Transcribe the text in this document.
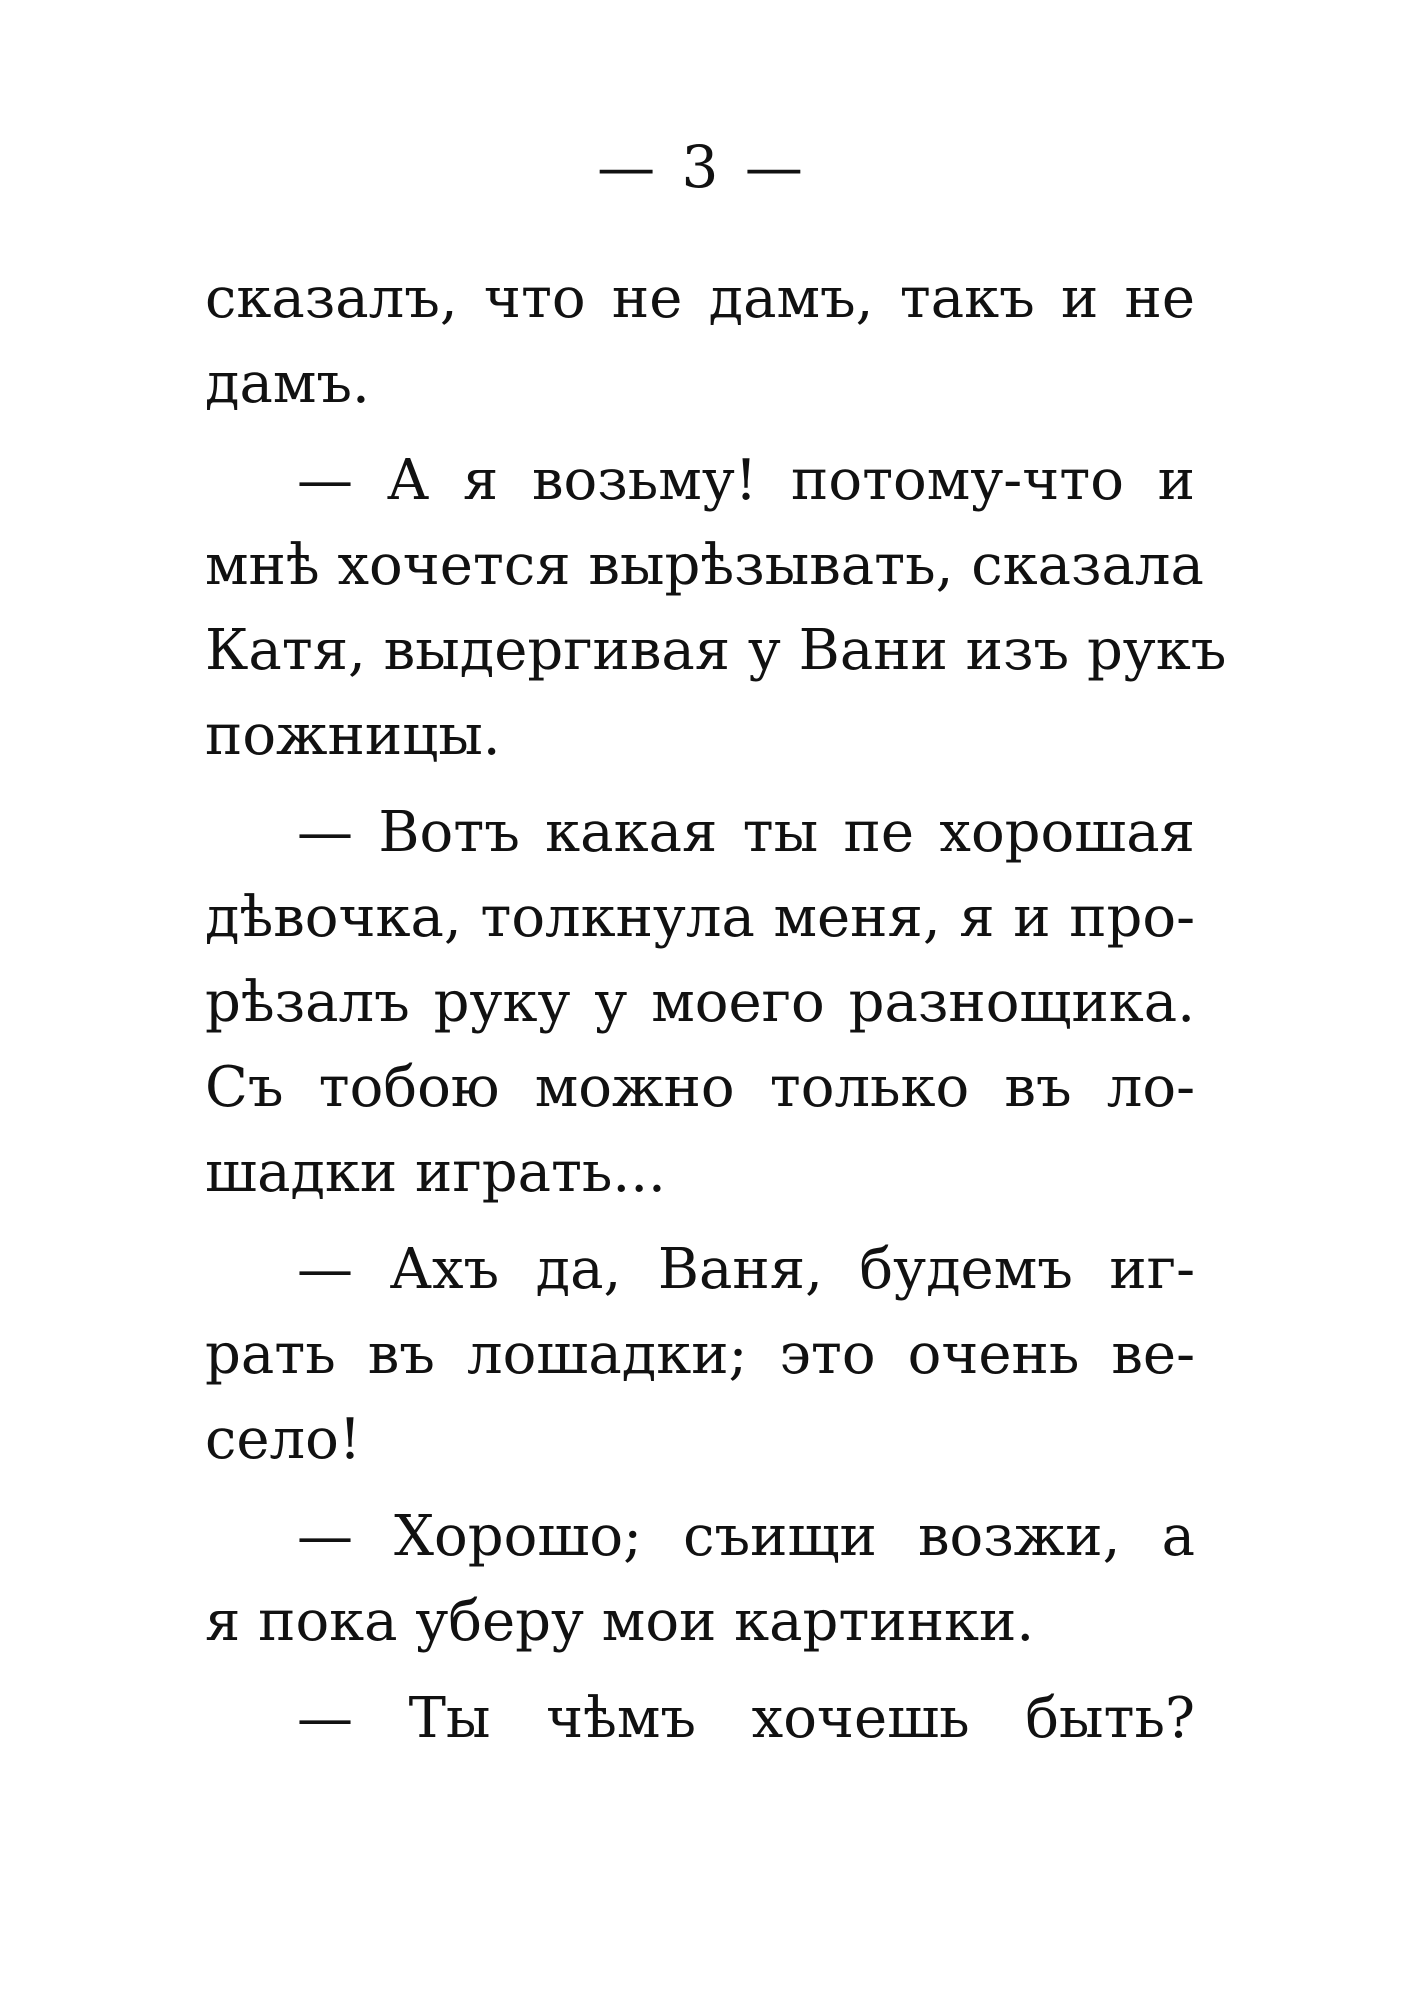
— 3 —
сказалъ, что не дамъ, такъ и не
дамъ.
— А я возьму! потому-что и
мнѣ хочется вырѣзывать, сказала
Катя, выдергивая у Вани изъ рукъ
пожницы.
— Вотъ какая ты пе хорошая
дѣвочка, толкнула меня, я и про-
рѣзалъ руку у моего разнощика.
Съ тобою можно только въ ло-
шадки играть...
— Ахъ да, Ваня, будемъ иг-
рать въ лошадки; это очень ве-
село!
— Хорошо; съищи возжи, а
я пока уберу мои картинки.
— Ты чѣмъ хочешь быть?
